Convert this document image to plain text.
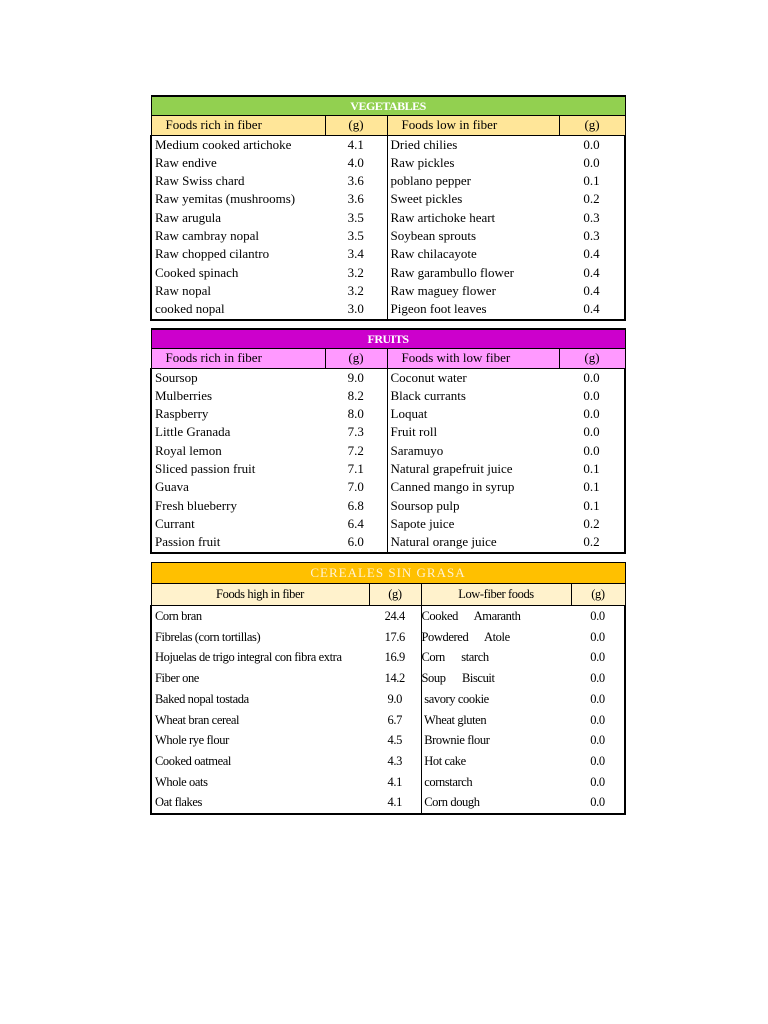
VEGETABLES			
Foods rich in fiber	(g)	Foods low in fiber	(g)
Medium cooked artichoke	4.1	Dried chilies	0.0
Raw endive	4.0	Raw pickles	0.0
Raw Swiss chard	3.6	poblano pepper	0.1
Raw yemitas (mushrooms)	3.6	Sweet pickles	0.2
Raw arugula	3.5	Raw artichoke heart	0.3
Raw cambray nopal	3.5	Soybean sprouts	0.3
Raw chopped cilantro	3.4	Raw chilacayote	0.4
Cooked spinach	3.2	Raw garambullo flower	0.4
Raw nopal	3.2	Raw maguey flower	0.4
cooked nopal	3.0	Pigeon foot leaves	0.4
FRUITS			
Foods rich in fiber	(g)	Foods with low fiber	(g)
Soursop	9.0	Coconut water	0.0
Mulberries	8.2	Black currants	0.0
Raspberry	8.0	Loquat	0.0
Little Granada	7.3	Fruit roll	0.0
Royal lemon	7.2	Saramuyo	0.0
Sliced passion fruit	7.1	Natural grapefruit juice	0.1
Guava	7.0	Canned mango in syrup	0.1
Fresh blueberry	6.8	Soursop pulp	0.1
Currant	6.4	Sapote juice	0.2
Passion fruit	6.0	Natural orange juice	0.2
CEREALES SIN GRASA			
Foods high in fiber	(g)	Low-fiber foods	(g)
Corn bran	24.4	Cooked      Amaranth	0.0
Fibrelas (corn tortillas)	17.6	Powdered      Atole	0.0
Hojuelas de trigo integral con fibra extra	16.9	Corn      starch	0.0
Fiber one	14.2	Soup      Biscuit	0.0
Baked nopal tostada	9.0	savory cookie	0.0
Wheat bran cereal	6.7	Wheat gluten	0.0
Whole rye flour	4.5	Brownie flour	0.0
Cooked oatmeal	4.3	Hot cake	0.0
Whole oats	4.1	cornstarch	0.0
Oat flakes	4.1	Corn dough	0.0
